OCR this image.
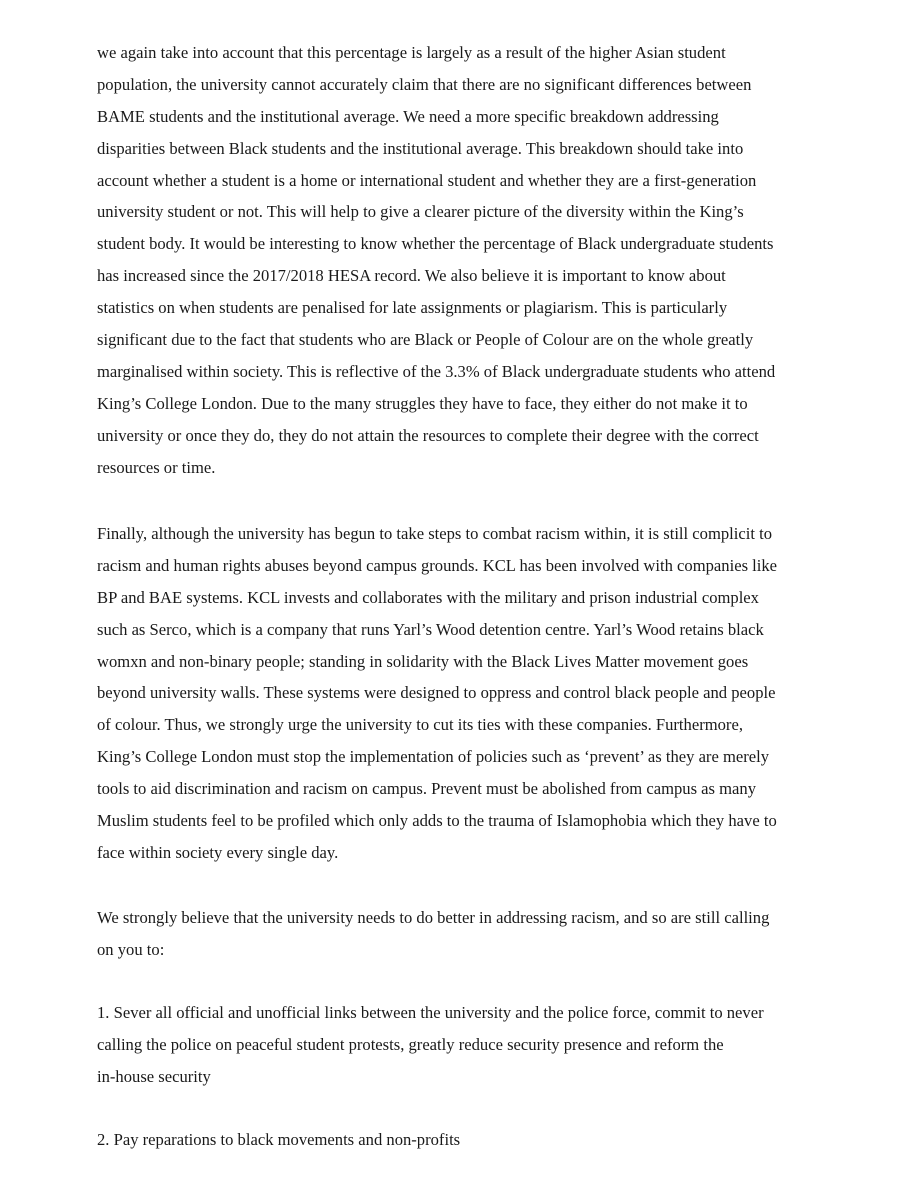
we again take into account that this percentage is largely as a result of the higher Asian student
population, the university cannot accurately claim that there are no significant differences between
BAME students and the institutional average. We need a more specific breakdown addressing
disparities between Black students and the institutional average. This breakdown should take into
account whether a student is a home or international student and whether they are a first-generation
university student or not. This will help to give a clearer picture of the diversity within the King’s
student body. It would be interesting to know whether the percentage of Black undergraduate students
has increased since the 2017/2018 HESA record. We also believe it is important to know about
statistics on when students are penalised for late assignments or plagiarism. This is particularly
significant due to the fact that students who are Black or People of Colour are on the whole greatly
marginalised within society. This is reflective of the 3.3% of Black undergraduate students who attend
King’s College London. Due to the many struggles they have to face, they either do not make it to
university or once they do, they do not attain the resources to complete their degree with the correct
resources or time.

Finally, although the university has begun to take steps to combat racism within, it is still complicit to
racism and human rights abuses beyond campus grounds. KCL has been involved with companies like
BP and BAE systems. KCL invests and collaborates with the military and prison industrial complex
such as Serco, which is a company that runs Yarl’s Wood detention centre. Yarl’s Wood retains black
womxn and non-binary people; standing in solidarity with the Black Lives Matter movement goes
beyond university walls. These systems were designed to oppress and control black people and people
of colour. Thus, we strongly urge the university to cut its ties with these companies. Furthermore,
King’s College London must stop the implementation of policies such as ‘prevent’ as they are merely
tools to aid discrimination and racism on campus. Prevent must be abolished from campus as many
Muslim students feel to be profiled which only adds to the trauma of Islamophobia which they have to
face within society every single day.

We strongly believe that the university needs to do better in addressing racism, and so are still calling
on you to:

1. Sever all official and unofficial links between the university and the police force, commit to never
calling the police on peaceful student protests, greatly reduce security presence and reform the
in-house security

2. Pay reparations to black movements and non-profits
